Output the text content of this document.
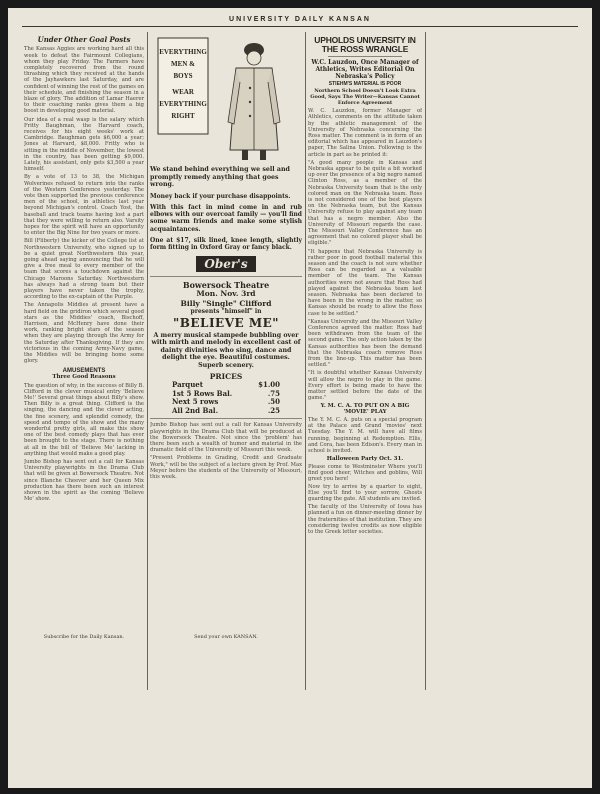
UNIVERSITY DAILY KANSAN
Under Other Goal Posts

The Kansas Aggies are working hard all this week to defeat the Fairmount Collegians, whom they play Friday. The Farmers have completely recovered from the round thrashing which they received at the hands of the Jayhawkers last Saturday, and are confident of winning the rest of the games on their schedule, and finishing the season in a blaze of glory. The addition of Lamar Haerer to their coaching ranks gives them a big boost in developing good material.

Our idea of a real wasp is the salary which Fritty Baughman, the Harvard coach, receives for his eight weeks' work at Cambridge. Baughman gets $6,000 a year; Jones at Harvard, $8,000. Fritty who is sitting in the middle of November, the lowest in the country, has been getting $9,000. Lately, his assistant, only gets $3,500 a year himself.

By a vote of 13 to 38, the Michigan Wolverines refused to return into the ranks of the Western Conference yesterday. The vote then supported the previous conference men of the school, in athletics last year beyond Michigan's control. Coach Yost, the baseball and track teams having lost a part that they were willing to return also. Varsity hopes for the spirit will have an opportunity to enter the Big Nine for two years or more.

Bill (Fliberty) the kicker of the College list at Northwestern University, who signed up to be a quiet great Northwestern this year, going ahead saying announcing that he will give a free meal to every member of the team that scores a touchdown against the Chicago Maroons Saturday. Northwestern has always had a strong team but their players have never taken the trophy, according to the ex-captain of the Purple.

The Annapolis Middies at present have a hard field on the gridiron which several good stars as the Middies' coach, Bischoff, Harrison, and McHenry have done their work, ranking bright stars of the season when they are playing through the Army for the Saturday after Thanksgiving. If they are victorious in the coming Army-Navy game, the Middies will be bringing home some glory.

AMUSEMENTS
Three Good Reasons

The question of why, in the success of Billy B. Clifford in the clever musical entry 'Believe Me!' Several great things about Billy's show. Then Billy is a great thing. Clifford is the singing, the dancing and the clever acting, the fine scenery, and splendid comedy, the speed and tempo of the show and the many wonderful pretty girls, all make this show one of the best comedy plays that has ever been brought to the stage. There is nothing at all in the bill of 'Believe Me' lacking in anything that would make a good play.

Jumbo Bishop has sent out a call for Kansas University playwrights in the Drama Club that will be given at Bowersock Theatre. Not since Blanche Cheever and her Queen Mix production has there been such an interest shown in the spirit as the coming 'Believe Me' show.

Subscribe for the Daily Kansan.
EVERYTHING
MEN &
BOYS
WEAR
EVERYTHING
RIGHT
We stand behind everything we sell and promptly remedy anything that goes wrong.

Money back if your purchase disappoints.

With this fact in mind come in and rub elbows with our overcoat family — you'll find some warm friends and make some stylish acquaintances.

One at $17, silk lined, knee length, slightly form fitting in Oxford Gray or fancy black.

Ober's
Bowersock Theatre
Mon. Nov. 3rd
Billy "Single" Clifford
presents "himself" in
"BELIEVE ME"
A merry musical stampede bubbling over with mirth and melody in excellent cast of dainty divinities who sing, dance and delight the eye. Beautiful costumes. Superb scenery.
PRICES
Parquet	$1.00
1st 5 Rows Bal.	.75
Next 5 rows	.50
All 2nd Bal.	.25

Jumbo Bishop has sent out a call for Kansas University playwrights in the Drama Club that will be produced at the Bowersock Theatre. Not since the 'problem' has there been such a wealth of humor and material in the dramatic field of the University of Missouri this week.

"Present Problems in Grading, Credit and Graduate Work," will be the subject of a lecture given by Prof. Max Meyer before the students of the University of Missouri, this week.

Send your own KANSAN.
UPHOLDS UNIVERSITY IN THE ROSS WRANGLE
W.C. Lauzdon, Once Manager of Athletics, Writes Editorial On Nebraska's Policy
STIEHM'S MATERIAL IS POOR
Northern School Doesn't Look Extra Good, Says The Writer—Kansas Cannot Enforce Agreement

W. C. Lauzdon, former Manager of Athletics, comments on the attitude taken by the athletic management of the University of Nebraska concerning the Ross matter. The comment is in form of an editorial which has appeared in Lauzdon's paper, The Salina Union. Following is the article in part as he printed it:

"A good many people in Kansas and Nebraska appear to be quite a bit worked up over the presence of a big negro named Clinton Ross, as a member of the Nebraska University team that is the only colored man on the Nebraska team. Ross is not considered one of the best players on the Nebraska team, but the Kansas University refuse to play against any team that has a negro member. Also the University of Missouri regards the case. The Missouri Valley Conference has an agreement that no colored player shall be eligible."

"It happens that Nebraska University is rather poor in good football material this season and the coach is not sure whether Ross can be regarded as a valuable member of the team. The Kansas authorities were not aware that Ross had played against the Nebraska team last season. Nebraska has been declared to have been in the wrong in the matter, so Kansas should be ready to allow the Ross case to be settled."

"Kansas University and the Missouri Valley Conference agreed the matter. Ross had been withdrawn from the team of the second game. The only action taken by the Kansas authorities has been the demand that the Nebraska coach remove Ross from the line-up. This matter has been settled."

"It is doubtful whether Kansas University will allow the negro to play in the game. Every effort is being made to have the matter settled before the date of the game."

Y. M. C. A. TO PUT ON A BIG 'MOVIE' PLAY

The Y. M. C. A. puts on a special program at the Palace and Grand 'movies' next Tuesday. The Y. M. will have all films running, beginning at Redemption. Ellis, and Cora, has been Edison's. Every man in school is invited.

Halloween Party Oct. 31.

Please come to Westminster Where you'll find good cheer, Witches and goblins, Will greet you here!

Now try to arrive by a quarter to eight, Else you'll find to your sorrow, Ghosts guarding the gate. All students are invited.

The faculty of the University of Iowa has planned a fun on dinner-meeting dinner by the fraternities of that institution. They are considering twelve credits as now eligible to the Greek letter societies.
